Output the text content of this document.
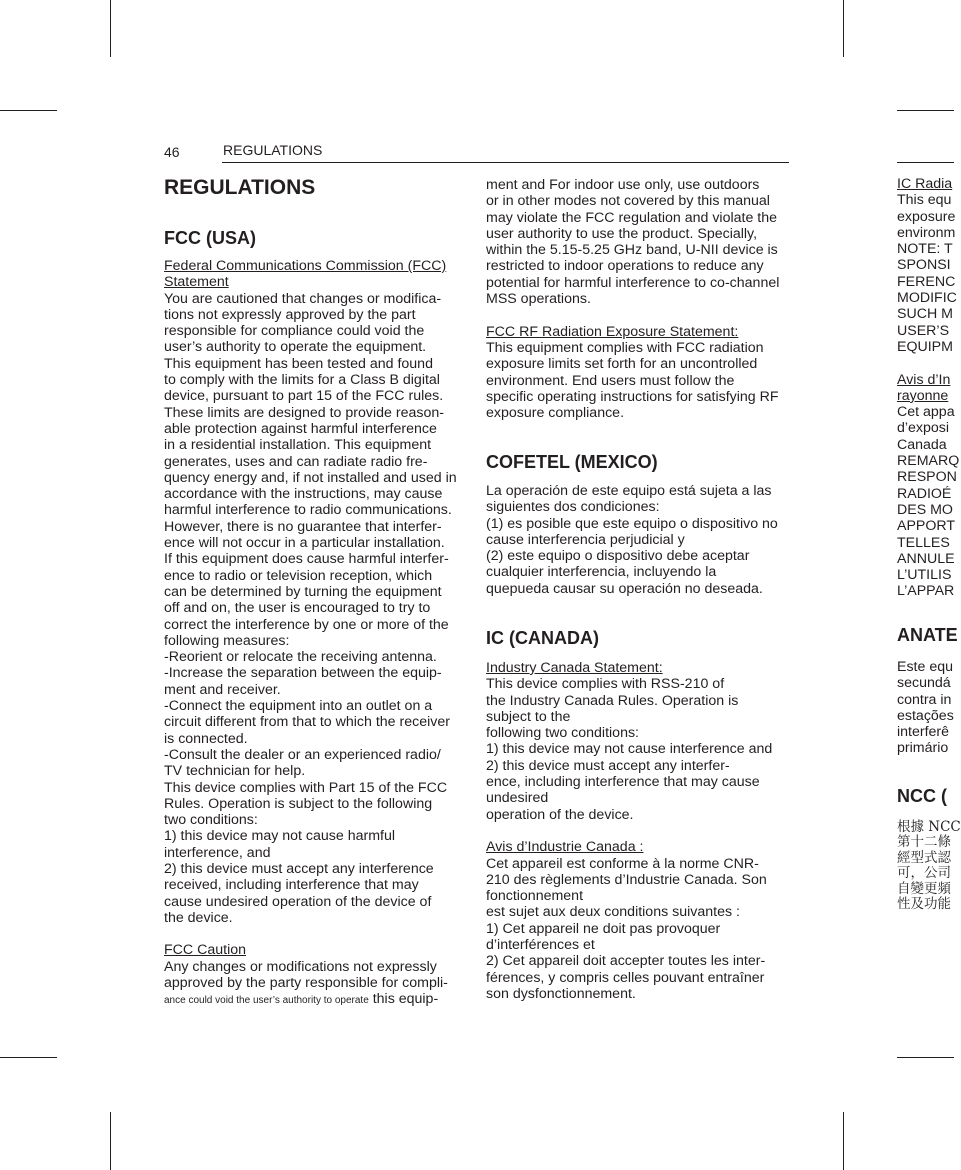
46	REGULATIONS
REGULATIONS
FCC (USA)
Federal Communications Commission (FCC)
Statement
You are cautioned that changes or modifica-
tions not expressly approved by the part
responsible for compliance could void the
user’s authority to operate the equipment.
This equipment has been tested and found
to comply with the limits for a Class B digital
device, pursuant to part 15 of the FCC rules.
These limits are designed to provide reason-
able protection against harmful interference
in a residential installation. This equipment
generates, uses and can radiate radio fre-
quency energy and, if not installed and used in
accordance with the instructions, may cause
harmful interference to radio communications.
However, there is no guarantee that interfer-
ence will not occur in a particular installation.
If this equipment does cause harmful interfer-
ence to radio or television reception, which
can be determined by turning the equipment
off and on, the user is encouraged to try to
correct the interference by one or more of the
following measures:
-Reorient or relocate the receiving antenna.
-Increase the separation between the equip-
ment and receiver.
-Connect the equipment into an outlet on a
circuit different from that to which the receiver
is connected.
-Consult the dealer or an experienced radio/
TV technician for help.
This device complies with Part 15 of the FCC
Rules. Operation is subject to the following
two conditions:
1) this device may not cause harmful
interference, and
2) this device must accept any interference
received, including interference that may
cause undesired operation of the device of
the device.

FCC Caution
Any changes or modifications not expressly
approved by the party responsible for compli-
ance could void the user’s authority to operate this equip-
ment and For indoor use only, use outdoors
or in other modes not covered by this manual
may violate the FCC regulation and violate the
user authority to use the product. Specially,
within the 5.15-5.25 GHz band, U-NII device is
restricted to indoor operations to reduce any
potential for harmful interference to co-channel
MSS operations.

FCC RF Radiation Exposure Statement:
This equipment complies with FCC radiation
exposure limits set forth for an uncontrolled
environment. End users must follow the
specific operating instructions for satisfying RF
exposure compliance.
COFETEL (MEXICO)
La operación de este equipo está sujeta a las
siguientes dos condiciones:
(1) es posible que este equipo o dispositivo no
cause interferencia perjudicial y
(2) este equipo o dispositivo debe aceptar
cualquier interferencia, incluyendo la
quepueda causar su operación no deseada.
IC (CANADA)
Industry Canada Statement:
This device complies with RSS-210 of
the Industry Canada Rules. Operation is
subject to the
following two conditions:
1) this device may not cause interference and
2) this device must accept any interfer-
ence, including interference that may cause
undesired
operation of the device.

Avis d’Industrie Canada :
Cet appareil est conforme à la norme CNR-
210 des règlements d’Industrie Canada. Son
fonctionnement
est sujet aux deux conditions suivantes :
1) Cet appareil ne doit pas provoquer
d’interférences et
2) Cet appareil doit accepter toutes les inter-
férences, y compris celles pouvant entraîner
son dysfonctionnement.
IC Radia
This equ
exposure
environm
NOTE: T
SPONSI
FERENC
MODIFIC
SUCH M
USER’S
EQUIPM

Avis d’In
rayonne
Cet appa
d’exposi
Canada
REMARQ
RESPON
RADIOÉ
DES MO
APPORT
TELLES
ANNULE
L’UTILIS
L’APPAR
ANATE
Este equ
secundá
contra in
estações
interferê
primário
NCC (
根據 NCC
第十二條
經型式認
可，公司
自變更頻
性及功能
